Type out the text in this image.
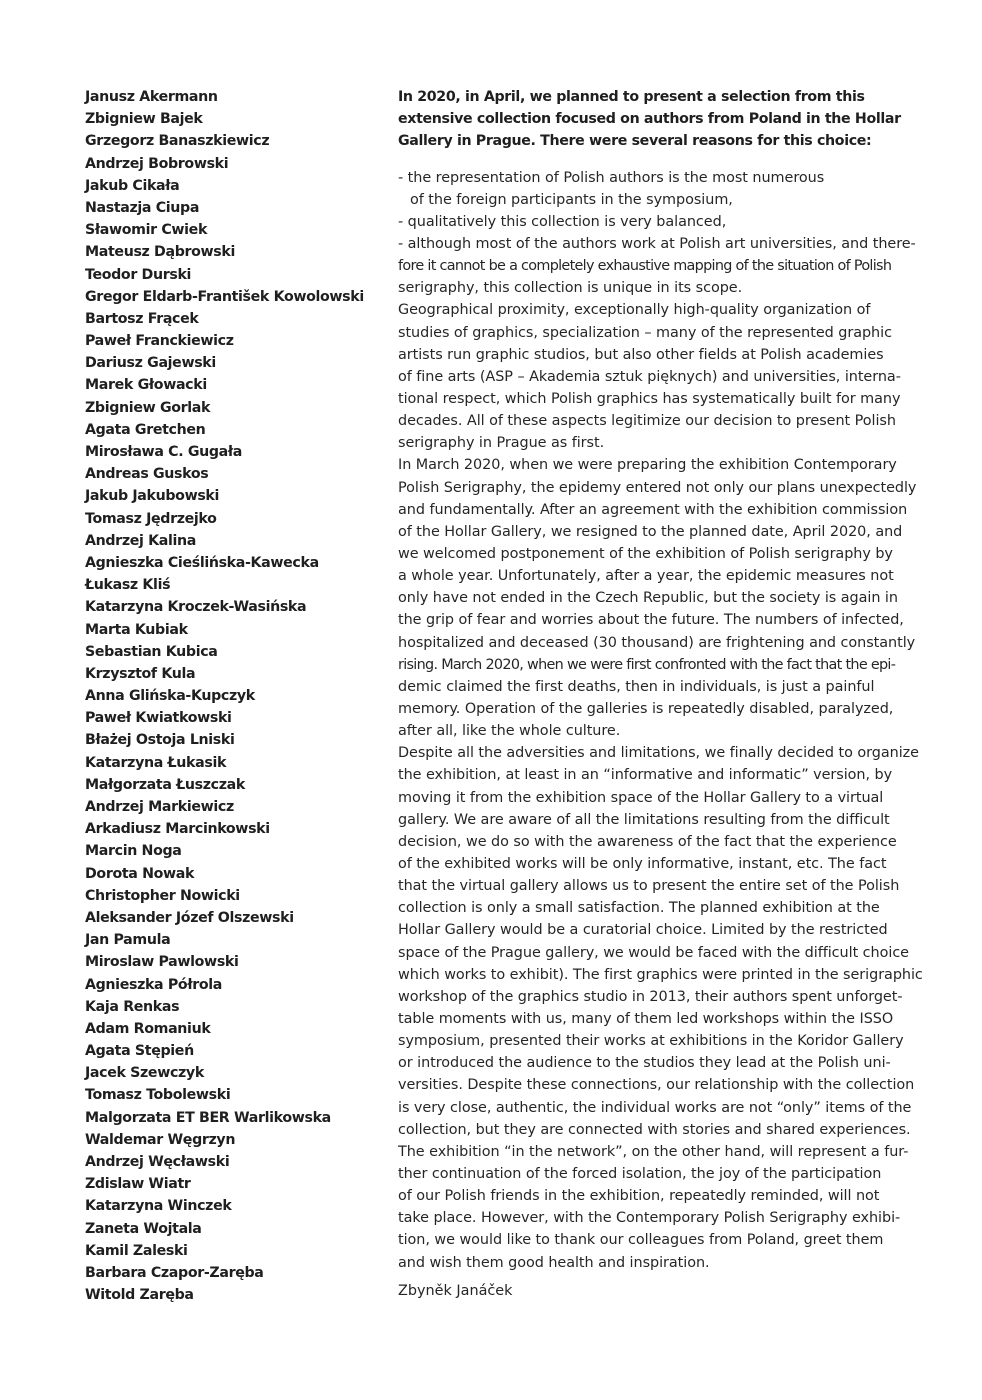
Janusz Akermann
Zbigniew Bajek
Grzegorz Banaszkiewicz
Andrzej Bobrowski
Jakub Cikała
Nastazja Ciupa
Sławomir Cwiek
Mateusz Dąbrowski
Teodor Durski
Gregor Eldarb-František Kowolowski
Bartosz Frącek
Paweł Franckiewicz
Dariusz Gajewski
Marek Głowacki
Zbigniew Gorlak
Agata Gretchen
Mirosława C. Gugała
Andreas Guskos
Jakub Jakubowski
Tomasz Jędrzejko
Andrzej Kalina
Agnieszka Cieślińska-Kawecka
Łukasz Kliś
Katarzyna Kroczek-Wasińska
Marta Kubiak
Sebastian Kubica
Krzysztof Kula
Anna Glińska-Kupczyk
Paweł Kwiatkowski
Błażej Ostoja Lniski
Katarzyna Łukasik
Małgorzata Łuszczak
Andrzej Markiewicz
Arkadiusz Marcinkowski
Marcin Noga
Dorota Nowak
Christopher Nowicki
Aleksander Józef Olszewski
Jan Pamula
Miroslaw Pawlowski
Agnieszka Półrola
Kaja Renkas
Adam Romaniuk
Agata Stępień
Jacek Szewczyk
Tomasz Tobolewski
Malgorzata ET BER Warlikowska
Waldemar Węgrzyn
Andrzej Węcławski
Zdislaw Wiatr
Katarzyna Winczek
Zaneta Wojtala
Kamil Zaleski
Barbara Czapor-Zaręba
Witold Zaręba

In 2020, in April, we planned to present a selection from this extensive collection focused on authors from Poland in the Hollar Gallery in Prague. There were several reasons for this choice:

- the representation of Polish authors is the most numerous
of the foreign participants in the symposium,
- qualitatively this collection is very balanced,
- although most of the authors work at Polish art universities, and there-
fore it cannot be a completely exhaustive mapping of the situation of Polish
serigraphy, this collection is unique in its scope.
Geographical proximity, exceptionally high-quality organization of
studies of graphics, specialization – many of the represented graphic
artists run graphic studios, but also other fields at Polish academies
of fine arts (ASP – Akademia sztuk pięknych) and universities, interna-
tional respect, which Polish graphics has systematically built for many
decades. All of these aspects legitimize our decision to present Polish
serigraphy in Prague as first.
In March 2020, when we were preparing the exhibition Contemporary
Polish Serigraphy, the epidemy entered not only our plans unexpectedly
and fundamentally. After an agreement with the exhibition commission
of the Hollar Gallery, we resigned to the planned date, April 2020, and
we welcomed postponement of the exhibition of Polish serigraphy by
a whole year. Unfortunately, after a year, the epidemic measures not
only have not ended in the Czech Republic, but the society is again in
the grip of fear and worries about the future. The numbers of infected,
hospitalized and deceased (30 thousand) are frightening and constantly
rising. March 2020, when we were first confronted with the fact that the epi-
demic claimed the first deaths, then in individuals, is just a painful
memory. Operation of the galleries is repeatedly disabled, paralyzed,
after all, like the whole culture.
Despite all the adversities and limitations, we finally decided to organize
the exhibition, at least in an “informative and informatic” version, by
moving it from the exhibition space of the Hollar Gallery to a virtual
gallery. We are aware of all the limitations resulting from the difficult
decision, we do so with the awareness of the fact that the experience
of the exhibited works will be only informative, instant, etc. The fact
that the virtual gallery allows us to present the entire set of the Polish
collection is only a small satisfaction. The planned exhibition at the
Hollar Gallery would be a curatorial choice. Limited by the restricted
space of the Prague gallery, we would be faced with the difficult choice
which works to exhibit). The first graphics were printed in the serigraphic
workshop of the graphics studio in 2013, their authors spent unforget-
table moments with us, many of them led workshops within the ISSO
symposium, presented their works at exhibitions in the Koridor Gallery
or introduced the audience to the studios they lead at the Polish uni-
versities. Despite these connections, our relationship with the collection
is very close, authentic, the individual works are not “only” items of the
collection, but they are connected with stories and shared experiences.
The exhibition “in the network”, on the other hand, will represent a fur-
ther continuation of the forced isolation, the joy of the participation
of our Polish friends in the exhibition, repeatedly reminded, will not
take place. However, with the Contemporary Polish Serigraphy exhibi-
tion, we would like to thank our colleagues from Poland, greet them
and wish them good health and inspiration.
Zbyněk Janáček
